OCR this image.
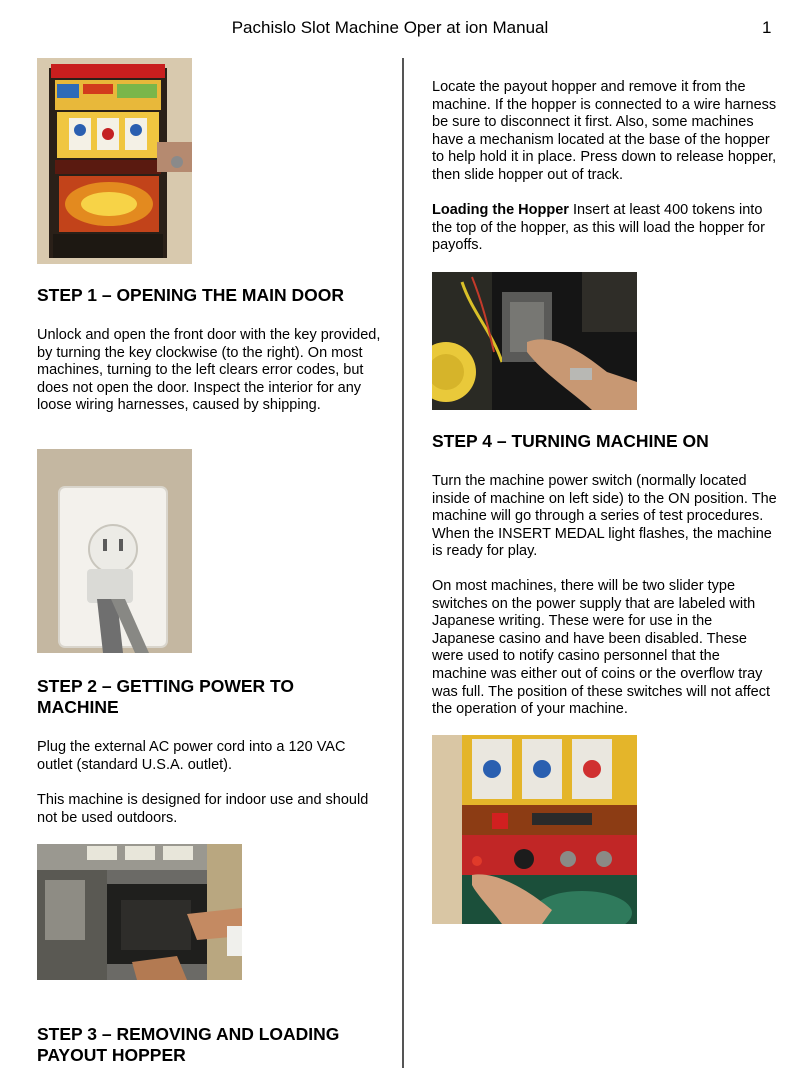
Pachislo Slot Machine Oper at ion Manual	1
STEP 1 – OPENING THE MAIN DOOR

Unlock and open the front door with the key provided, by turning the key clockwise (to the right). On most machines, turning to the left clears error codes, but does not open the door. Inspect the interior for any loose wiring harnesses, caused by shipping.

STEP 2 – GETTING POWER TO MACHINE

Plug the external AC power cord into a 120 VAC outlet (standard U.S.A. outlet).

This machine is designed for indoor use and should not be used outdoors.

STEP 3 – REMOVING AND LOADING PAYOUT HOPPER

Locate the payout hopper and remove it from the machine. If the hopper is connected to a wire harness be sure to disconnect it first. Also, some machines have a mechanism located at the base of the hopper to help hold it in place. Press down to release hopper, then slide hopper out of track.

Loading the Hopper Insert at least 400 tokens into the top of the hopper, as this will load the hopper for payoffs.

STEP 4 – TURNING MACHINE ON

Turn the machine power switch (normally located inside of machine on left side) to the ON position. The machine will go through a series of test procedures. When the INSERT MEDAL light flashes, the machine is ready for play.

On most machines, there will be two slider type switches on the power supply that are labeled with Japanese writing. These were for use in the Japanese casino and have been disabled. These were used to notify casino personnel that the machine was either out of coins or the overflow tray was full. The position of these switches will not affect the operation of your machine.
